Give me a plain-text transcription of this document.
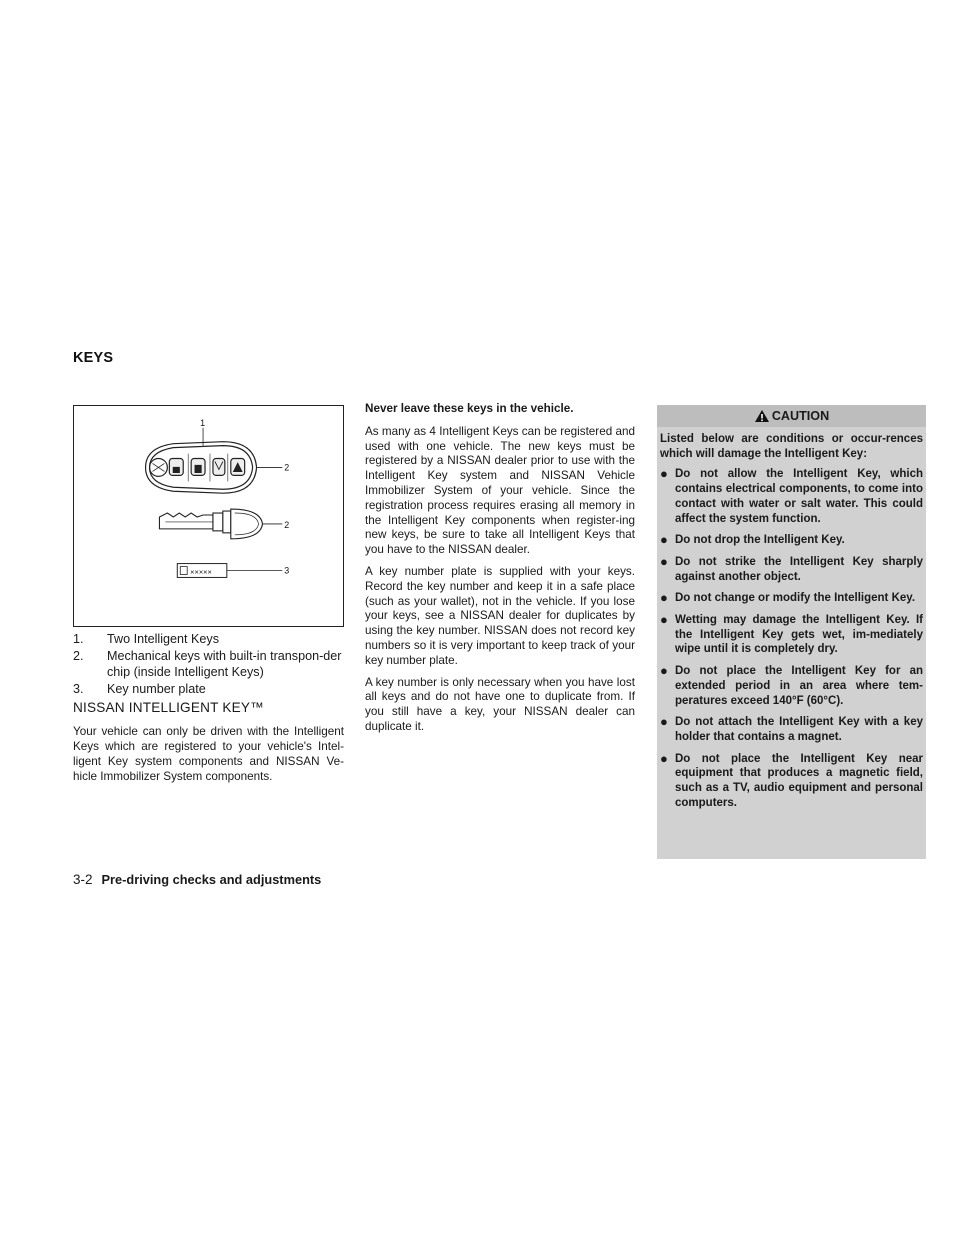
KEYS
1
2
2
×××××	3
1.	Two Intelligent Keys
2.	Mechanical keys with built-in transpon-der chip (inside Intelligent Keys)
3.	Key number plate
NISSAN INTELLIGENT KEY™

Your vehicle can only be driven with the Intelligent Keys which are registered to your vehicle's Intel-ligent Key system components and NISSAN Ve-hicle Immobilizer System components.

Never leave these keys in the vehicle.

As many as 4 Intelligent Keys can be registered and used with one vehicle. The new keys must be registered by a NISSAN dealer prior to use with the Intelligent Key system and NISSAN Vehicle Immobilizer System of your vehicle. Since the registration process requires erasing all memory in the Intelligent Key components when register-ing new keys, be sure to take all Intelligent Keys that you have to the NISSAN dealer.

A key number plate is supplied with your keys. Record the key number and keep it in a safe place (such as your wallet), not in the vehicle. If you lose your keys, see a NISSAN dealer for duplicates by using the key number. NISSAN does not record key numbers so it is very important to keep track of your key number plate.

A key number is only necessary when you have lost all keys and do not have one to duplicate from. If you still have a key, your NISSAN dealer can duplicate it.

CAUTION

Listed below are conditions or occur-rences which will damage the Intelligent Key:

● Do not allow the Intelligent Key, which contains electrical components, to come into contact with water or salt water. This could affect the system function.
● Do not drop the Intelligent Key.
● Do not strike the Intelligent Key sharply against another object.
● Do not change or modify the Intelligent Key.
● Wetting may damage the Intelligent Key. If the Intelligent Key gets wet, im-mediately wipe until it is completely dry.
● Do not place the Intelligent Key for an extended period in an area where tem-peratures exceed 140°F (60°C).
● Do not attach the Intelligent Key with a key holder that contains a magnet.
● Do not place the Intelligent Key near equipment that produces a magnetic field, such as a TV, audio equipment and personal computers.
3-2 Pre-driving checks and adjustments
